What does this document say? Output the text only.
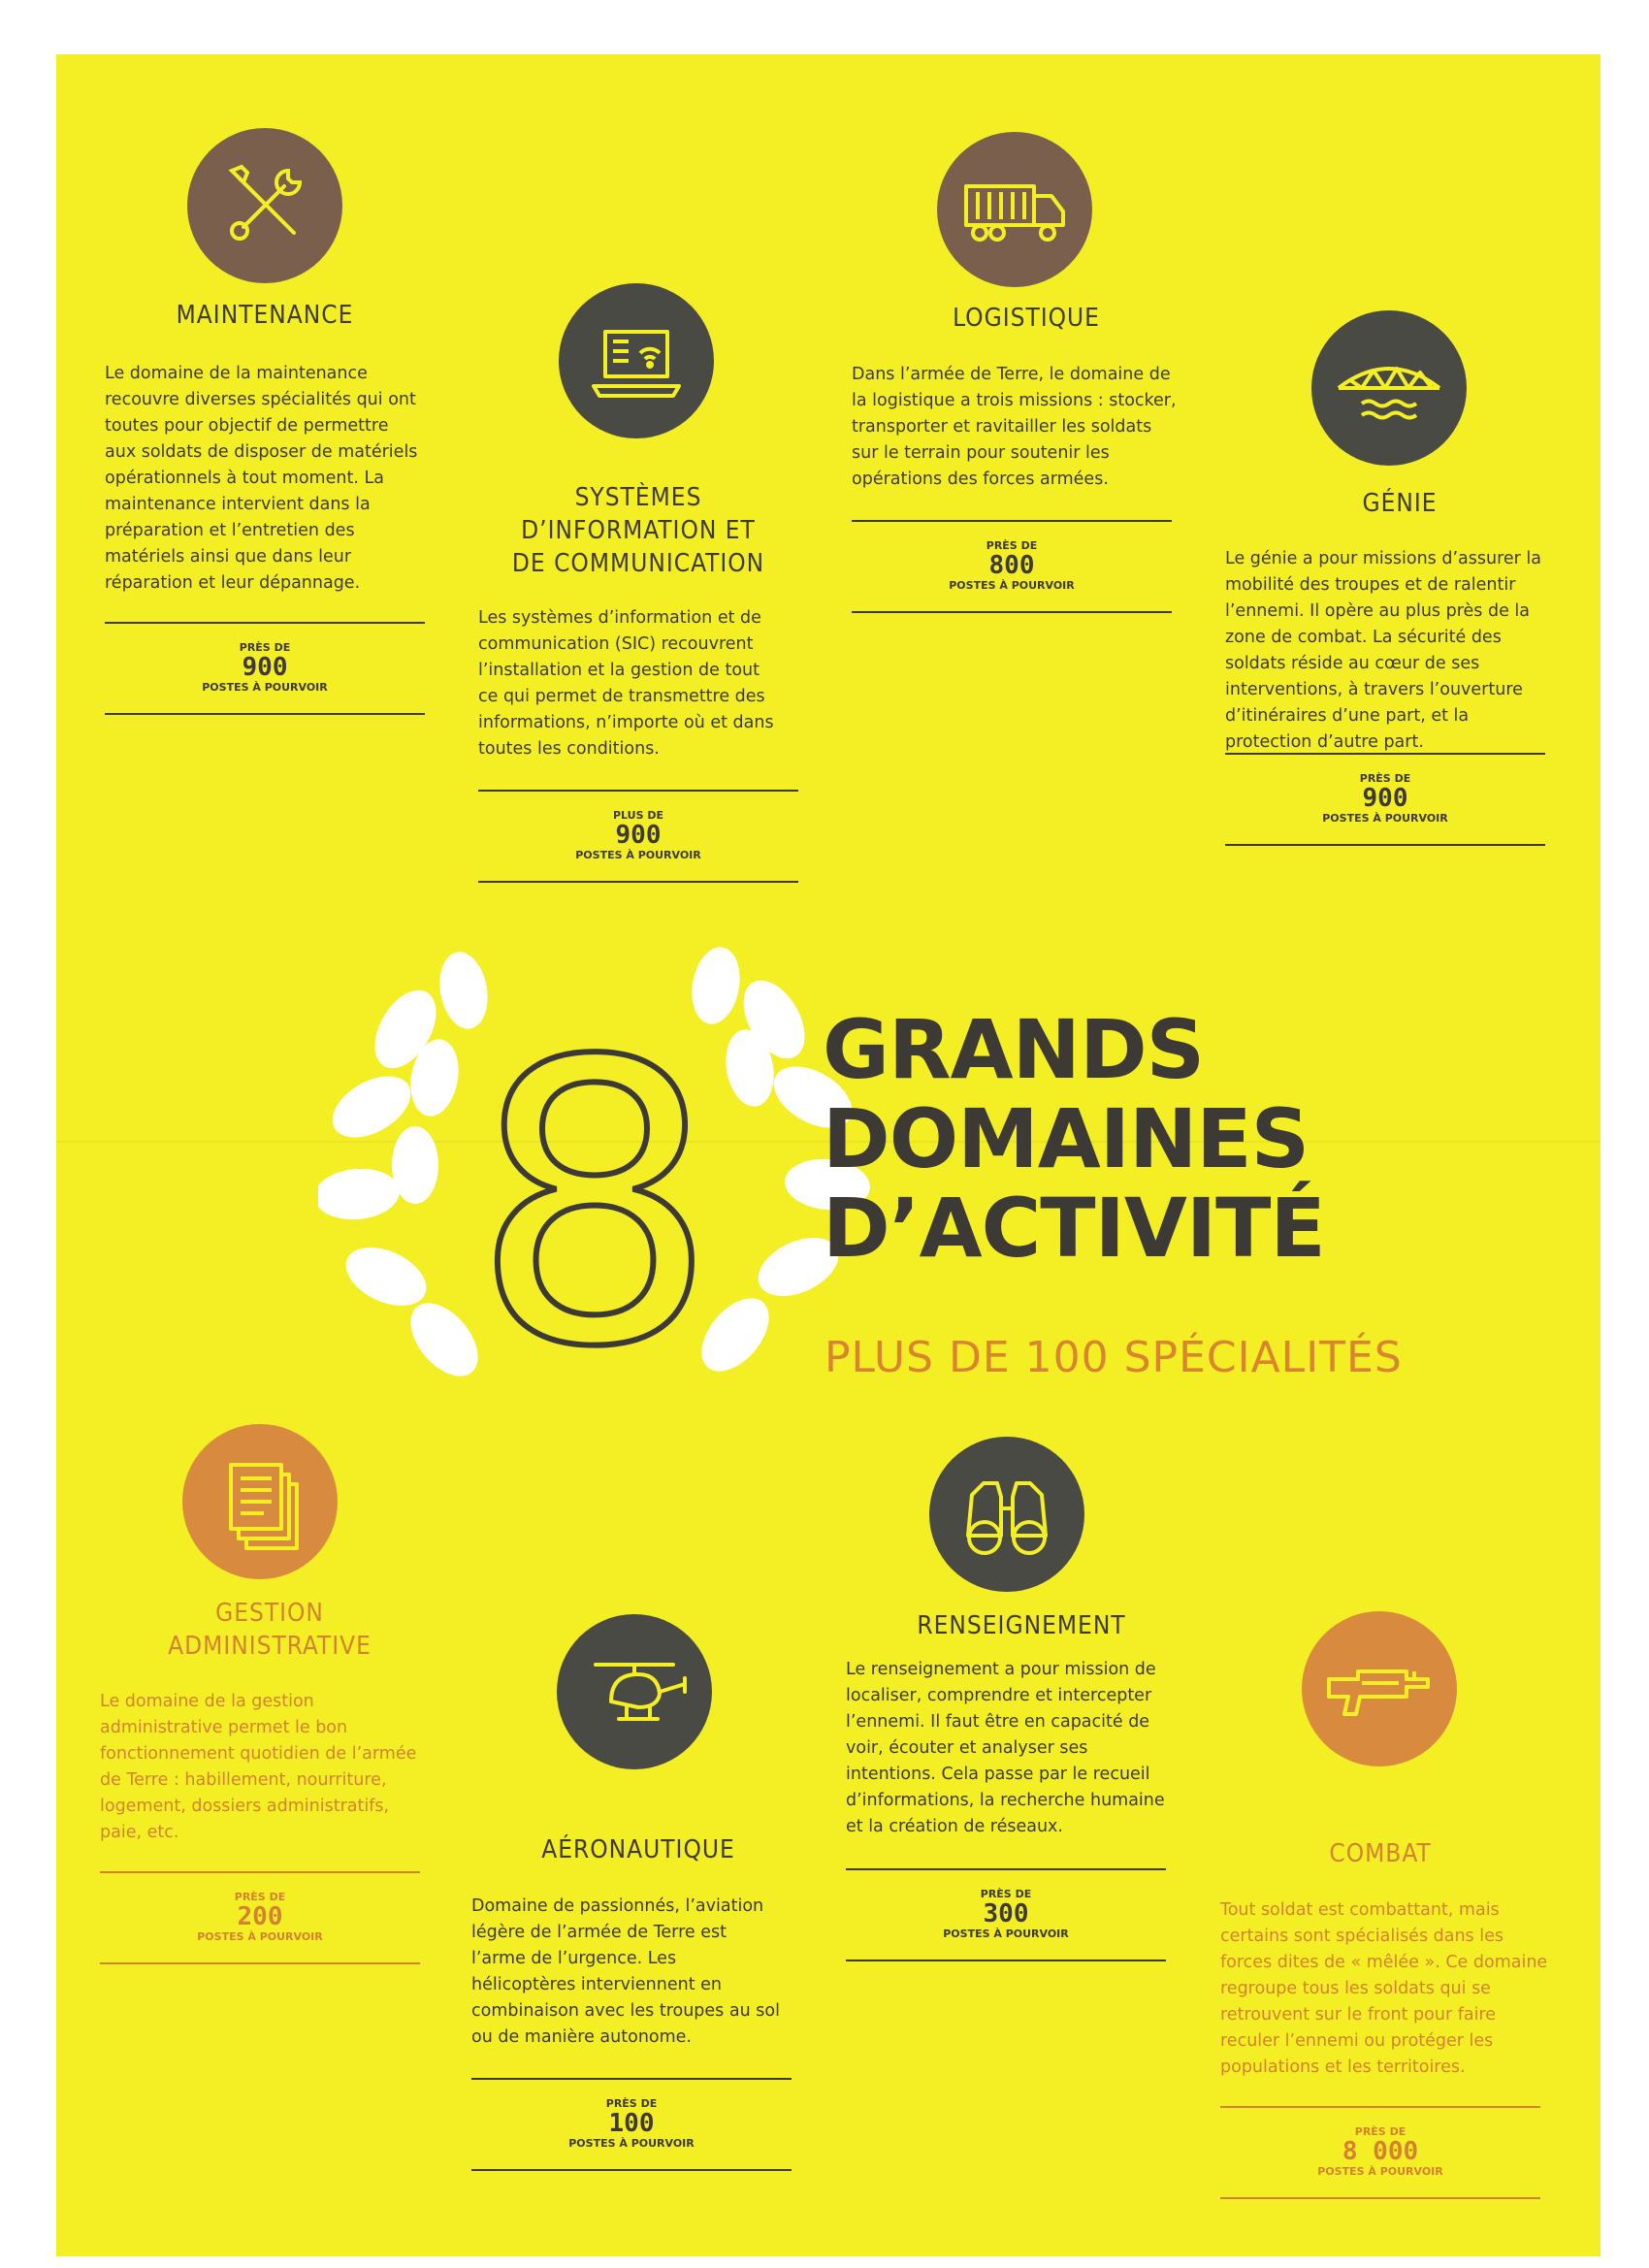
MAINTENANCE
Le domaine de la maintenance recouvre diverses spécialités qui ont toutes pour objectif de permettre aux soldats de disposer de matériels opérationnels à tout moment. La maintenance intervient dans la préparation et l’entretien des matériels ainsi que dans leur réparation et leur dépannage.
PRÈS DE
900
POSTES À POURVOIR
SYSTÈMES
D’INFORMATION ET
DE COMMUNICATION
Les systèmes d’information et de communication (SIC) recouvrent l’installation et la gestion de tout ce qui permet de transmettre des informations, n’importe où et dans toutes les conditions.
PLUS DE
900
POSTES À POURVOIR
LOGISTIQUE
Dans l’armée de Terre, le domaine de la logistique a trois missions : stocker, transporter et ravitailler les soldats sur le terrain pour soutenir les opérations des forces armées.
PRÈS DE
800
POSTES À POURVOIR
GÉNIE
Le génie a pour missions d’assurer la mobilité des troupes et de ralentir l’ennemi. Il opère au plus près de la zone de combat. La sécurité des soldats réside au cœur de ses interventions, à travers l’ouverture d’itinéraires d’une part, et la protection d’autre part.
PRÈS DE
900
POSTES À POURVOIR
8 GRANDS
DOMAINES
D’ACTIVITÉ
PLUS DE 100 SPÉCIALITÉS
GESTION
ADMINISTRATIVE
Le domaine de la gestion administrative permet le bon fonctionnement quotidien de l’armée de Terre : habillement, nourriture, logement, dossiers administratifs, paie, etc.
PRÈS DE
200
POSTES À POURVOIR
AÉRONAUTIQUE
Domaine de passionnés, l’aviation légère de l’armée de Terre est l’arme de l’urgence. Les hélicoptères interviennent en combinaison avec les troupes au sol ou de manière autonome.
PRÈS DE
100
POSTES À POURVOIR
RENSEIGNEMENT
Le renseignement a pour mission de localiser, comprendre et intercepter l’ennemi. Il faut être en capacité de voir, écouter et analyser ses intentions. Cela passe par le recueil d’informations, la recherche humaine et la création de réseaux.
PRÈS DE
300
POSTES À POURVOIR
COMBAT
Tout soldat est combattant, mais certains sont spécialisés dans les forces dites de « mêlée ». Ce domaine regroupe tous les soldats qui se retrouvent sur le front pour faire reculer l’ennemi ou protéger les populations et les territoires.
PRÈS DE
8 000
POSTES À POURVOIR
